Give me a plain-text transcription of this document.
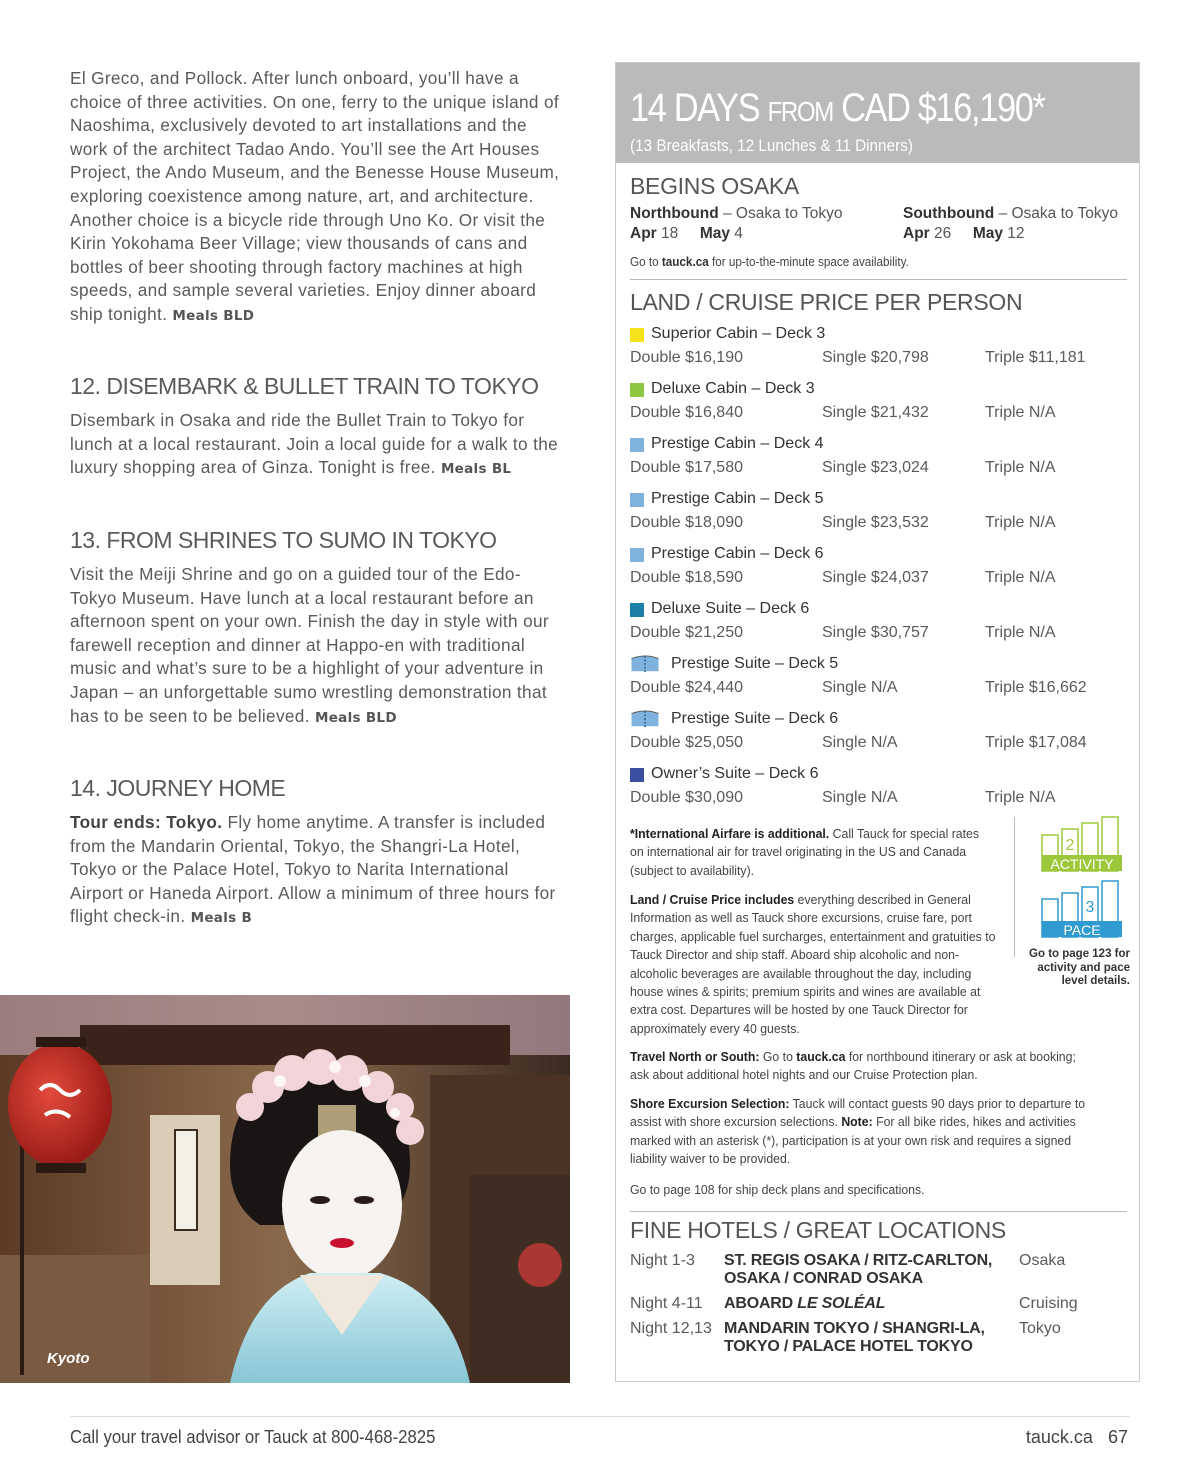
El Greco, and Pollock. After lunch onboard, you’ll have a choice of three activities. On one, ferry to the unique island of Naoshima, exclusively devoted to art installations and the work of the architect Tadao Ando. You’ll see the Art Houses Project, the Ando Museum, and the Benesse House Museum, exploring coexistence among nature, art, and architecture. Another choice is a bicycle ride through Uno Ko. Or visit the Kirin Yokohama Beer Village; view thousands of cans and bottles of beer shooting through factory machines at high speeds, and sample several varieties. Enjoy dinner aboard ship tonight. Meals BLD

12. DISEMBARK & BULLET TRAIN TO TOKYO

Disembark in Osaka and ride the Bullet Train to Tokyo for lunch at a local restaurant. Join a local guide for a walk to the luxury shopping area of Ginza. Tonight is free. Meals BL

13. FROM SHRINES TO SUMO IN TOKYO

Visit the Meiji Shrine and go on a guided tour of the Edo-Tokyo Museum. Have lunch at a local restaurant before an afternoon spent on your own. Finish the day in style with our farewell reception and dinner at Happo-en with traditional music and what’s sure to be a highlight of your adventure in Japan – an unforgettable sumo wrestling demonstration that has to be seen to be believed. Meals BLD

14. JOURNEY HOME

Tour ends: Tokyo. Fly home anytime. A transfer is included from the Mandarin Oriental, Tokyo, the Shangri-La Hotel, Tokyo or the Palace Hotel, Tokyo to Narita International Airport or Haneda Airport. Allow a minimum of three hours for flight check-in. Meals B

Kyoto
14 DAYS FROM CAD $16,190*
(13 Breakfasts, 12 Lunches & 11 Dinners)
BEGINS OSAKA
Northbound – Osaka to Tokyo
Apr 18 May 4
Southbound – Osaka to Tokyo
Apr 26 May 12
Go to tauck.ca for up-to-the-minute space availability.
LAND / CRUISE PRICE PER PERSON
*International Airfare is additional. Call Tauck for special rates on international air for travel originating in the US and Canada (subject to availability).
Land / Cruise Price includes everything described in General Information as well as Tauck shore excursions, cruise fare, port charges, applicable fuel surcharges, entertainment and gratuities to Tauck Director and ship staff. Aboard ship alcoholic and non-alcoholic beverages are available throughout the day, including house wines & spirits; premium spirits and wines are available at extra cost. Departures will be hosted by one Tauck Director for approximately every 40 guests.
Travel North or South: Go to tauck.ca for northbound itinerary or ask at booking; ask about additional hotel nights and our Cruise Protection plan.
Shore Excursion Selection: Tauck will contact guests 90 days prior to departure to assist with shore excursion selections. Note: For all bike rides, hikes and activities marked with an asterisk (*), participation is at your own risk and requires a signed liability waiver to be provided.
Go to page 108 for ship deck plans and specifications.
ACTIVITY
2
PACE
3
Go to page 123 for activity and pace level details.
FINE HOTELS / GREAT LOCATIONS
Night 1-3 ST. REGIS OSAKA / RITZ-CARLTON,
OSAKA / CONRAD OSAKA
Osaka
Night 4-11 ABOARD LE SOLÉAL	Cruising
Night 12,13 MANDARIN TOKYO / SHANGRI-LA,
TOKYO / PALACE HOTEL TOKYO
Tokyo
Superior Cabin – Deck 3
Double $16,190	Single $20,798	Triple $11,181
Deluxe Cabin – Deck 3
Double $16,840	Single $21,432	Triple N/A
Prestige Cabin – Deck 4
Double $17,580	Single $23,024	Triple N/A
Prestige Cabin – Deck 5
Double $18,090	Single $23,532	Triple N/A
Prestige Cabin – Deck 6
Double $18,590	Single $24,037	Triple N/A
Deluxe Suite – Deck 6
Double $21,250	Single $30,757	Triple N/A
Prestige Suite – Deck 5
Double $24,440	Single N/A	Triple $16,662
Prestige Suite – Deck 6
Double $25,050	Single N/A	Triple $17,084
Owner’s Suite – Deck 6
Double $30,090	Single N/A	Triple N/A
Call your travel advisor or Tauck at 800-468-2825	tauck.ca 67
